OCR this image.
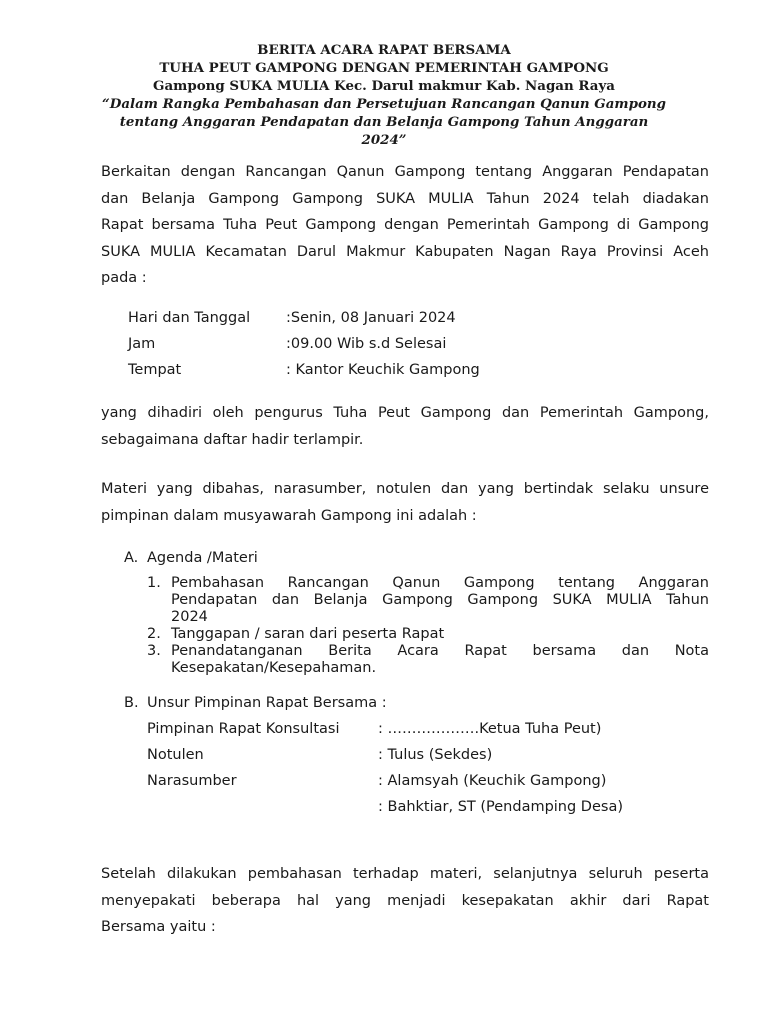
BERITA ACARA RAPAT BERSAMA
TUHA PEUT GAMPONG DENGAN PEMERINTAH GAMPONG
Gampong SUKA MULIA Kec. Darul makmur Kab. Nagan Raya
“Dalam Rangka Pembahasan dan Persetujuan Rancangan Qanun Gampong
tentang Anggaran Pendapatan dan Belanja Gampong Tahun Anggaran
2024”
Berkaitan dengan Rancangan Qanun Gampong tentang Anggaran Pendapatan
dan Belanja Gampong Gampong SUKA MULIA Tahun 2024 telah diadakan
Rapat bersama Tuha Peut Gampong dengan Pemerintah Gampong di Gampong
SUKA MULIA Kecamatan Darul Makmur Kabupaten Nagan Raya Provinsi Aceh
pada :
Hari dan Tanggal :Senin, 08 Januari 2024
Jam	:09.00 Wib s.d Selesai
Tempat	: Kantor Keuchik Gampong
yang dihadiri oleh pengurus Tuha Peut Gampong dan Pemerintah Gampong,
sebagaimana daftar hadir terlampir.
Materi yang dibahas, narasumber, notulen dan yang bertindak selaku unsure
pimpinan dalam musyawarah Gampong ini adalah :
A. Agenda /Materi
1. Pembahasan Rancangan Qanun Gampong tentang Anggaran
Pendapatan dan Belanja Gampong Gampong SUKA MULIA Tahun
2024
2. Tanggapan / saran dari peserta Rapat
3. Penandatanganan Berita Acara Rapat bersama dan Nota
Kesepakatan/Kesepahaman.
B. Unsur Pimpinan Rapat Bersama :
Pimpinan Rapat Konsultasi	: ……………….Ketua Tuha Peut)
Notulen	: Tulus (Sekdes)
Narasumber	: Alamsyah (Keuchik Gampong)
: Bahktiar, ST (Pendamping Desa)
Setelah dilakukan pembahasan terhadap materi, selanjutnya seluruh peserta
menyepakati beberapa hal yang menjadi kesepakatan akhir dari Rapat
Bersama yaitu :
